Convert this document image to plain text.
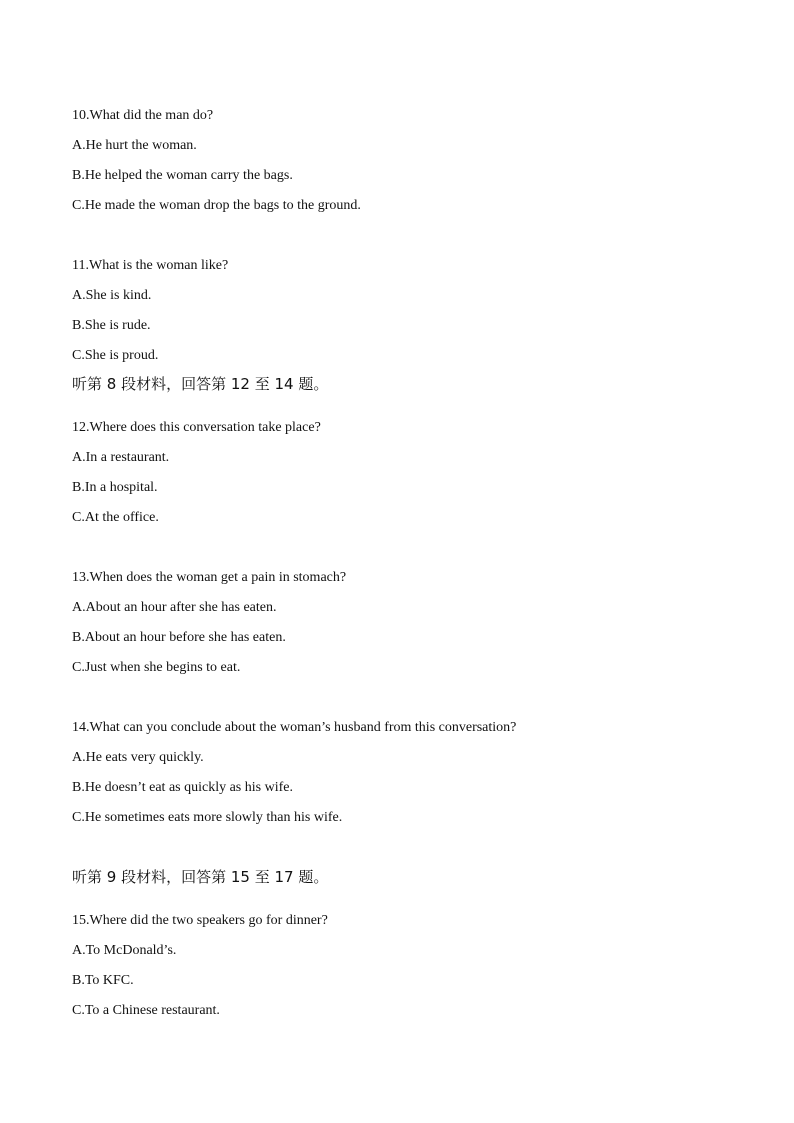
10.What did the man do?

A.He hurt the woman.

B.He helped the woman carry the bags.

C.He made the woman drop the bags to the ground.

11.What is the woman like?

A.She is kind.

B.She is rude.

C.She is proud.

听第 8 段材料，回答第 12 至 14 题。

12.Where does this conversation take place?

A.In a restaurant.

B.In a hospital.

C.At the office.

13.When does the woman get a pain in stomach?

A.About an hour after she has eaten.

B.About an hour before she has eaten.

C.Just when she begins to eat.

14.What can you conclude about the woman’s husband from this conversation?

A.He eats very quickly.

B.He doesn’t eat as quickly as his wife.

C.He sometimes eats more slowly than his wife.

听第 9 段材料，回答第 15 至 17 题。

15.Where did the two speakers go for dinner?

A.To McDonald’s.

B.To KFC.

C.To a Chinese restaurant.
